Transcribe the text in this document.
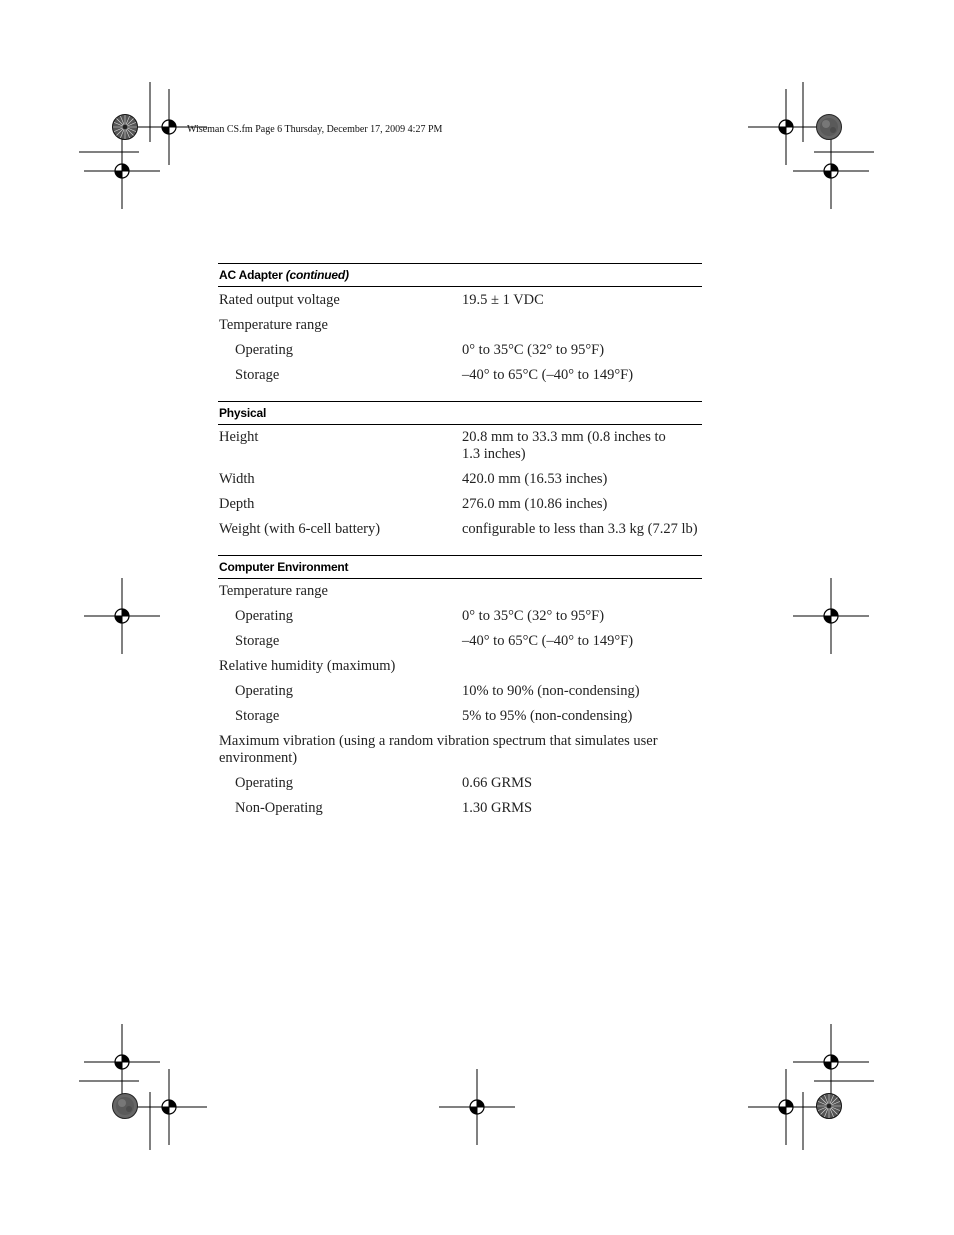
Wiseman CS.fm Page 6 Thursday, December 17, 2009 4:27 PM
AC Adapter (continued)
Rated output voltage	19.5 ± 1 VDC
Temperature range
Operating	0° to 35°C (32° to 95°F)
Storage	–40° to 65°C (–40° to 149°F)
Physical
Height	20.8 mm to 33.3 mm (0.8 inches to 1.3 inches)
Width	420.0 mm (16.53 inches)
Depth	276.0 mm (10.86 inches)
Weight (with 6-cell battery)	configurable to less than 3.3 kg (7.27 lb)
Computer Environment
Temperature range
Operating	0° to 35°C (32° to 95°F)
Storage	–40° to 65°C (–40° to 149°F)
Relative humidity (maximum)
Operating	10% to 90% (non-condensing)
Storage	5% to 95% (non-condensing)
Maximum vibration (using a random vibration spectrum that simulates user environment)
Operating	0.66 GRMS
Non-Operating	1.30 GRMS
